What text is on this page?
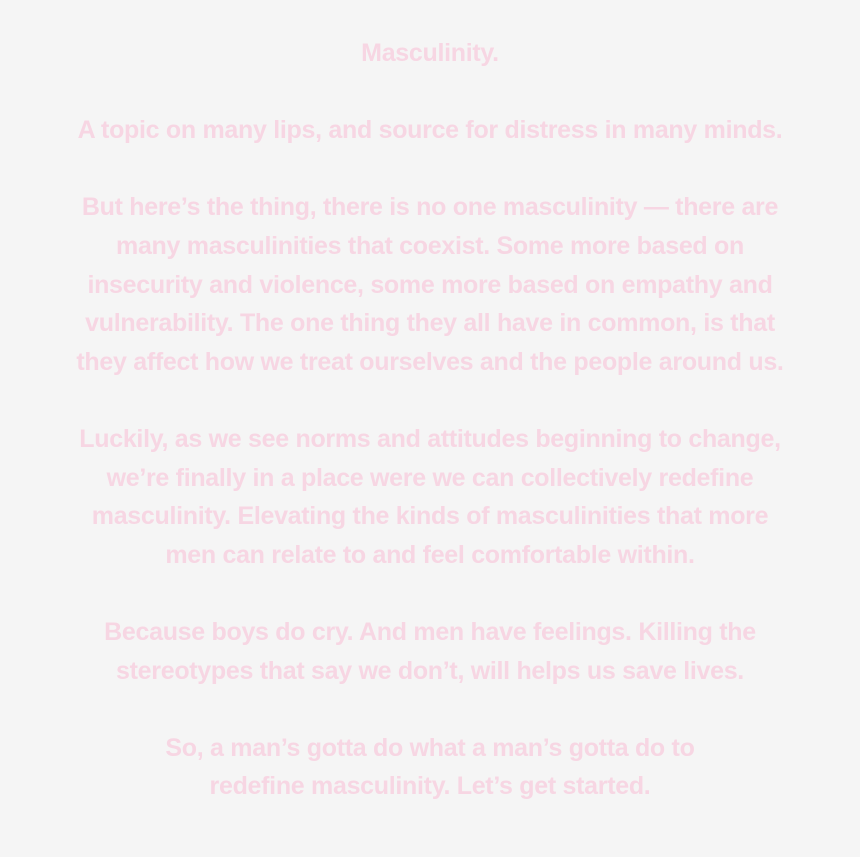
Masculinity.
A topic on many lips, and source for distress in many minds.
But here’s the thing, there is no one masculinity — there are
many masculinities that coexist. Some more based on
insecurity and violence, some more based on empathy and
vulnerability. The one thing they all have in common, is that
they affect how we treat ourselves and the people around us.
Luckily, as we see norms and attitudes beginning to change,
we’re finally in a place were we can collectively redefine
masculinity. Elevating the kinds of masculinities that more
men can relate to and feel comfortable within.
Because boys do cry. And men have feelings. Killing the
stereotypes that say we don’t, will helps us save lives.
So, a man’s gotta do what a man’s gotta do to
redefine masculinity. Let’s get started.
